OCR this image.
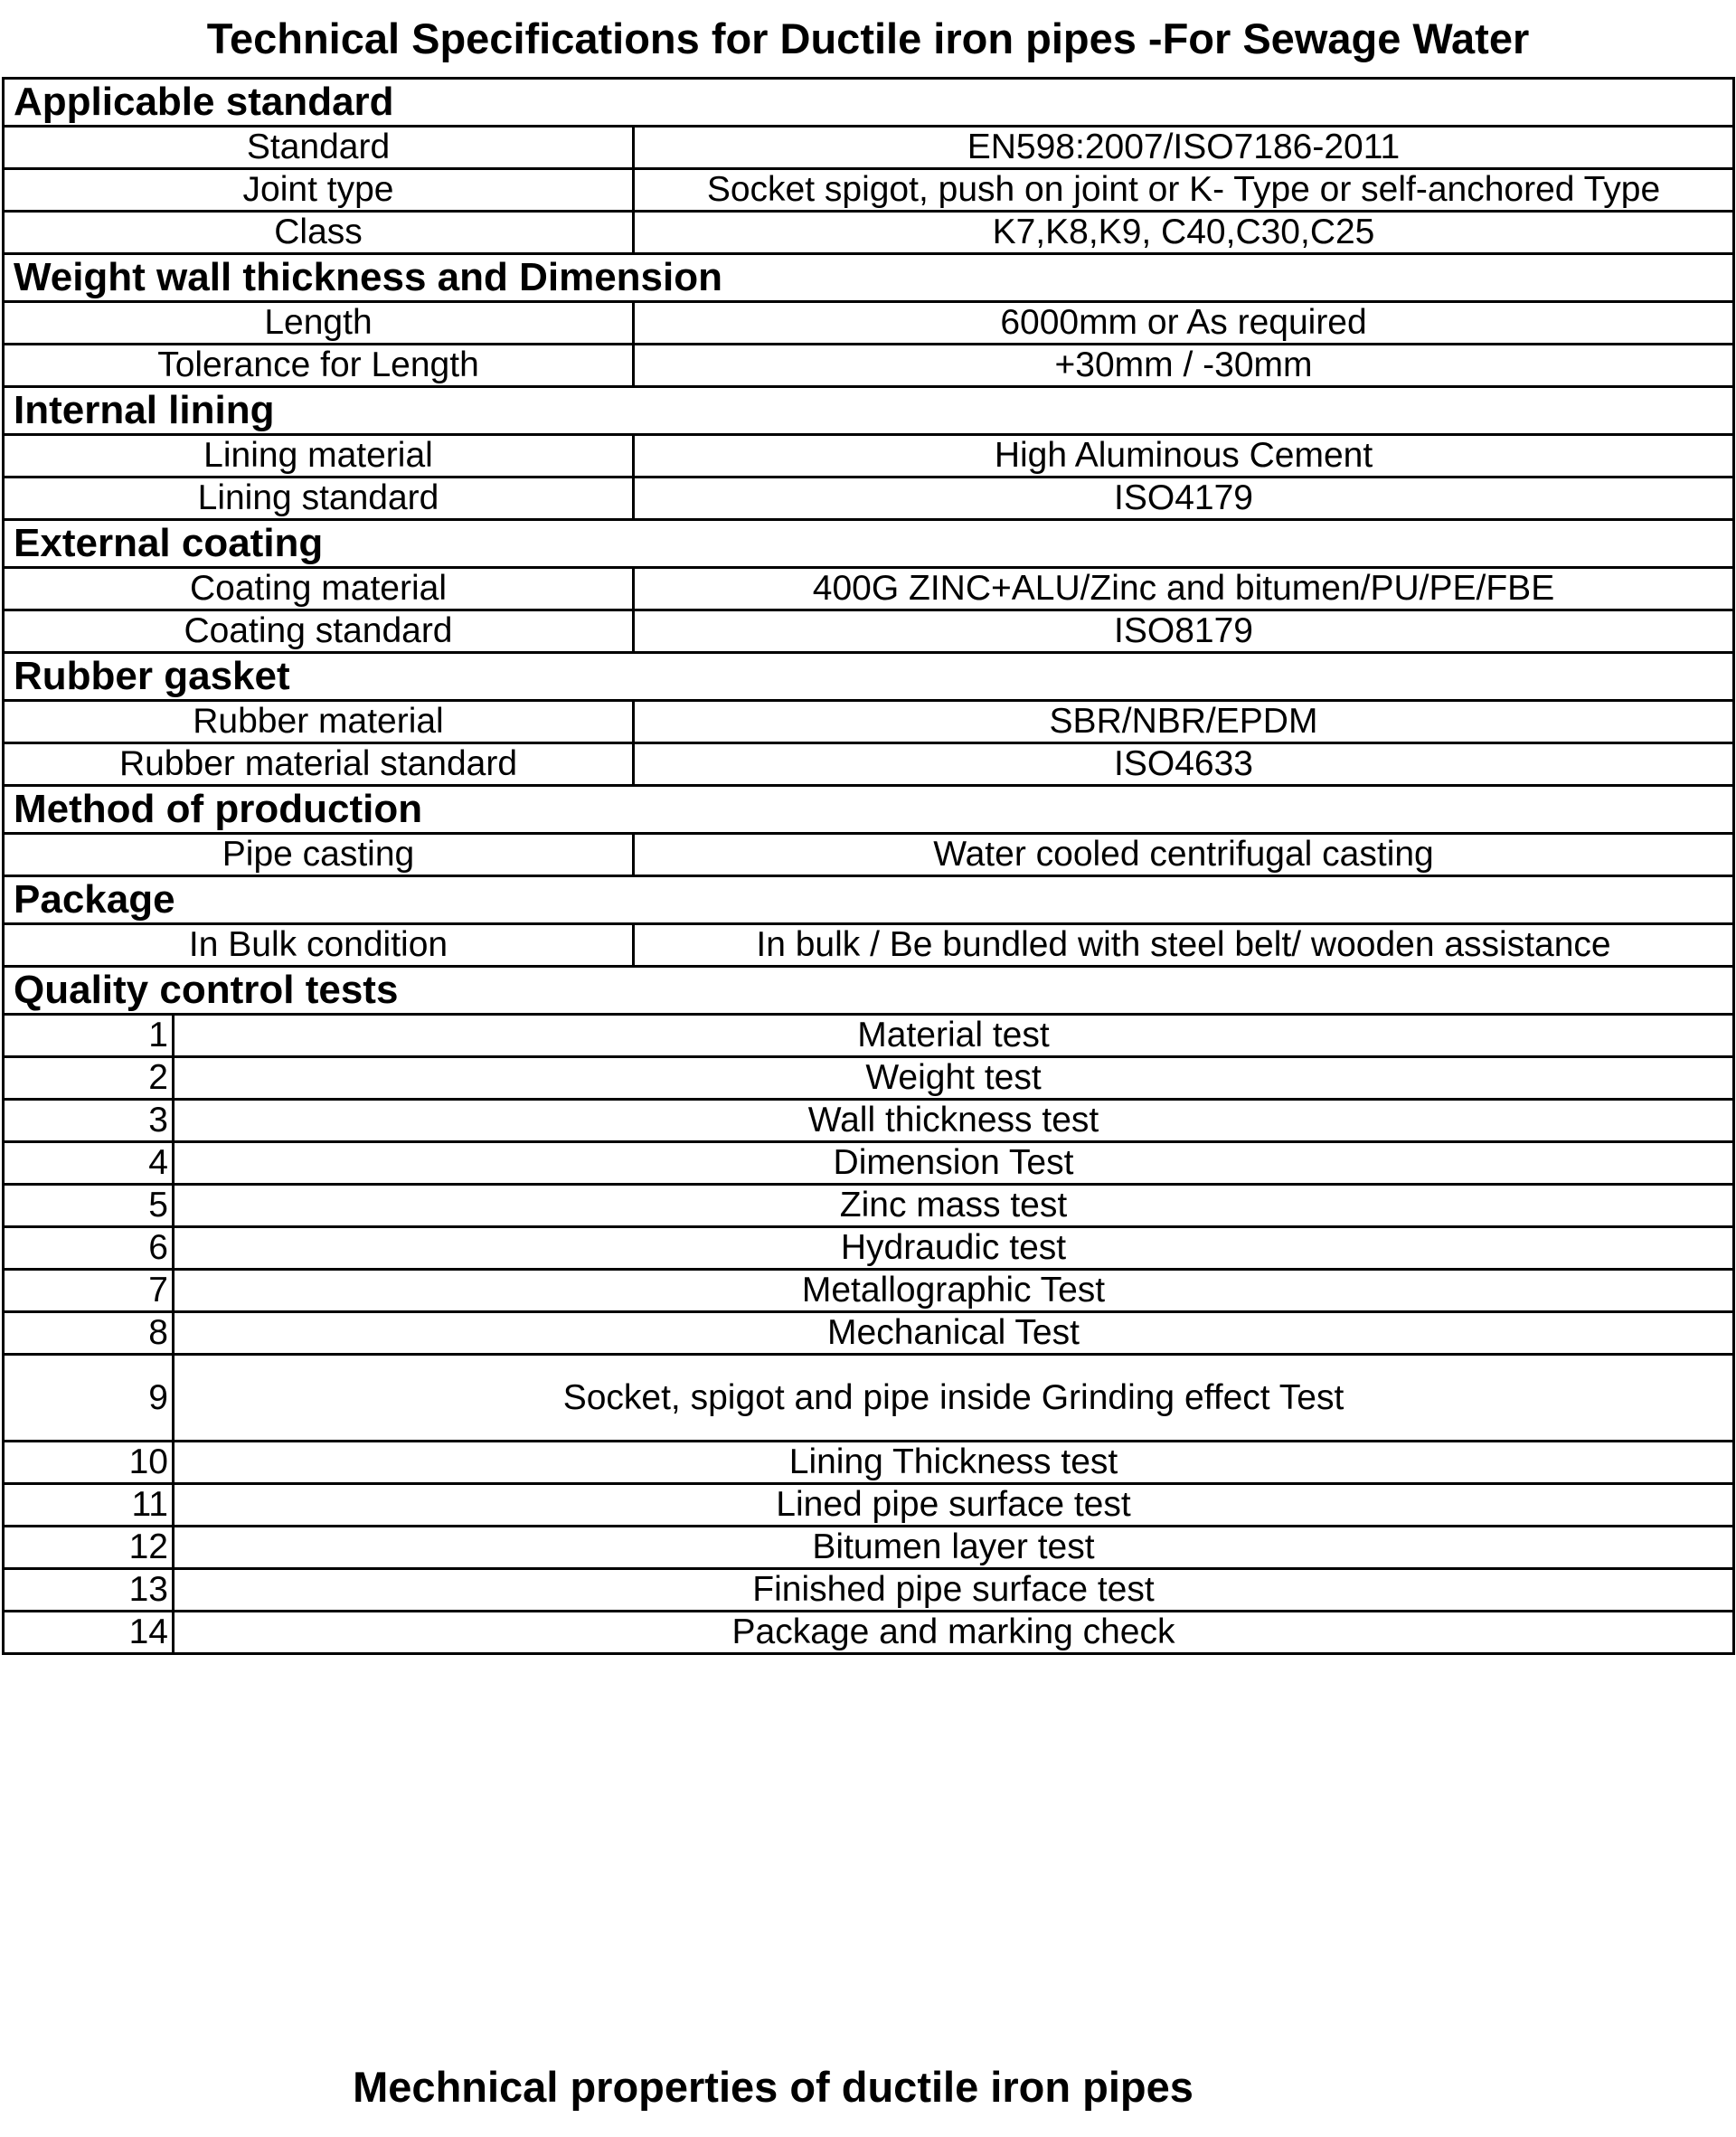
Technical Specifications for Ductile iron pipes -For Sewage Water
Applicable standard		
Standard		EN598:2007/ISO7186-2011
Joint type		Socket spigot, push on joint or K- Type or self-anchored Type
Class		K7,K8,K9, C40,C30,C25
Weight wall thickness and Dimension		
Length		6000mm or As required
Tolerance for Length		+30mm / -30mm
Internal lining		
Lining material		High Aluminous Cement
Lining standard		ISO4179
External coating		
Coating material		400G ZINC+ALU/Zinc and bitumen/PU/PE/FBE
Coating standard		ISO8179
Rubber gasket		
Rubber material		SBR/NBR/EPDM
Rubber material standard		ISO4633
Method of production		
Pipe casting		Water cooled centrifugal casting
Package		
In Bulk condition		In bulk / Be bundled with steel belt/ wooden assistance
Quality control tests		
1	Material test	
2	Weight test	
3	Wall thickness test	
4	Dimension Test	
5	Zinc mass test	
6	Hydraudic test	
7	Metallographic Test	
8	Mechanical Test	
9	Socket, spigot and pipe inside Grinding effect Test	
10	Lining Thickness test	
11	Lined pipe surface test	
12	Bitumen layer test	
13	Finished pipe surface test	
14	Package and marking check	
Mechnical properties of ductile iron pipes
